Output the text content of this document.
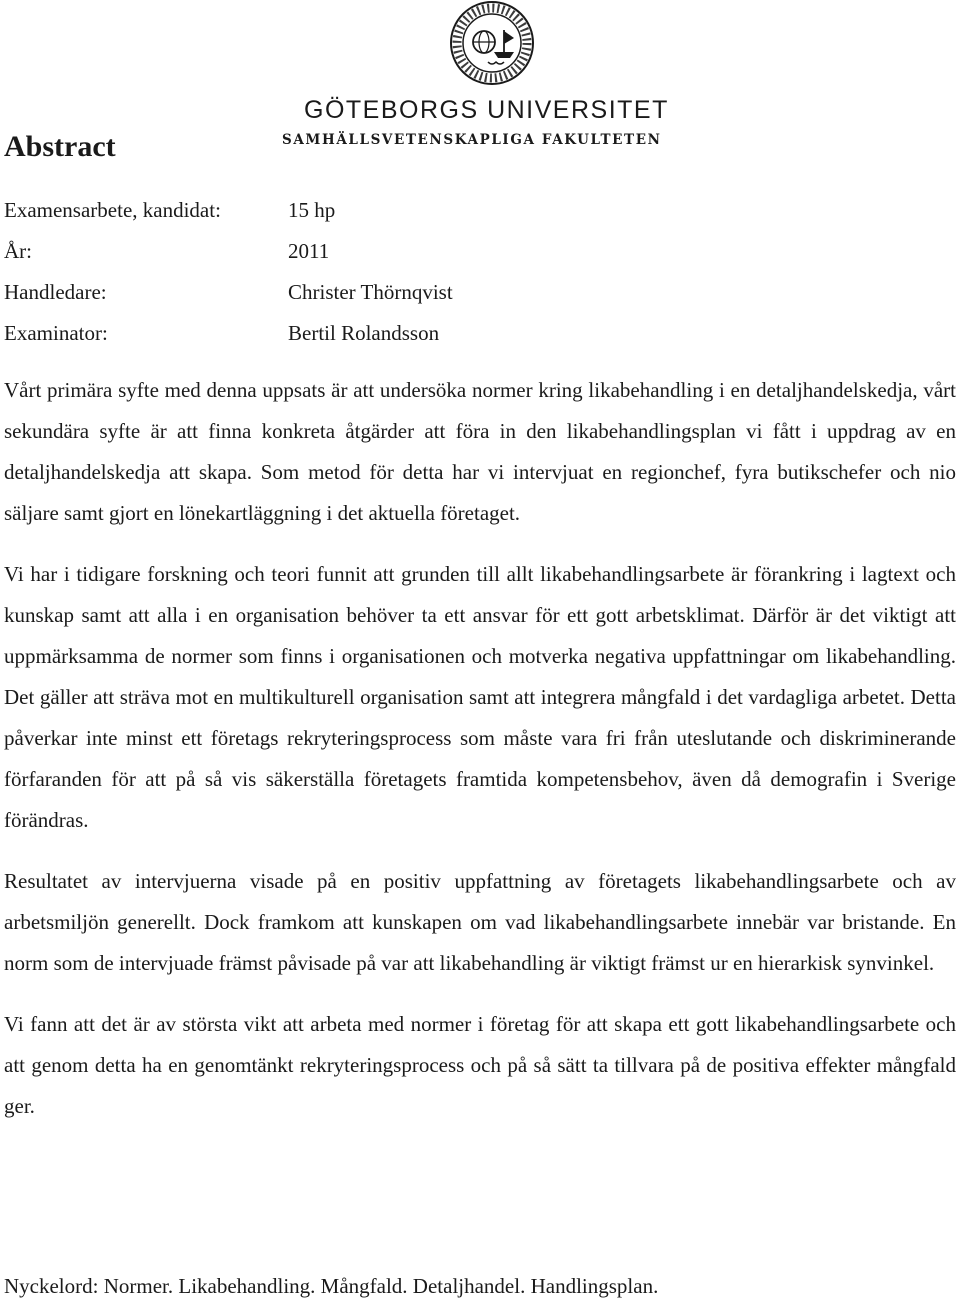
GÖTEBORGS UNIVERSITET
SAMHÄLLSVETENSKAPLIGA FAKULTETEN
Abstract
Examensarbete, kandidat:	15 hp
År:	2011
Handledare:	Christer Thörnqvist
Examinator:	Bertil Rolandsson

Vårt primära syfte med denna uppsats är att undersöka normer kring likabehandling i en detaljhandelskedja, vårt sekundära syfte är att finna konkreta åtgärder att föra in den likabehandlingsplan vi fått i uppdrag av en detaljhandelskedja att skapa. Som metod för detta har vi intervjuat en regionchef, fyra butikschefer och nio säljare samt gjort en lönekartläggning i det aktuella företaget.

Vi har i tidigare forskning och teori funnit att grunden till allt likabehandlingsarbete är förankring i lagtext och kunskap samt att alla i en organisation behöver ta ett ansvar för ett gott arbetsklimat. Därför är det viktigt att uppmärksamma de normer som finns i organisationen och motverka negativa uppfattningar om likabehandling. Det gäller att sträva mot en multikulturell organisation samt att integrera mångfald i det vardagliga arbetet. Detta påverkar inte minst ett företags rekryteringsprocess som måste vara fri från uteslutande och diskriminerande förfaranden för att på så vis säkerställa företagets framtida kompetensbehov, även då demografin i Sverige förändras.

Resultatet av intervjuerna visade på en positiv uppfattning av företagets likabehandlingsarbete och av arbetsmiljön generellt. Dock framkom att kunskapen om vad likabehandlingsarbete innebär var bristande. En norm som de intervjuade främst påvisade på var att likabehandling är viktigt främst ur en hierarkisk synvinkel.

Vi fann att det är av största vikt att arbeta med normer i företag för att skapa ett gott likabehandlingsarbete och att genom detta ha en genomtänkt rekryteringsprocess och på så sätt ta tillvara på de positiva effekter mångfald ger.

Nyckelord: Normer. Likabehandling. Mångfald. Detaljhandel. Handlingsplan.
